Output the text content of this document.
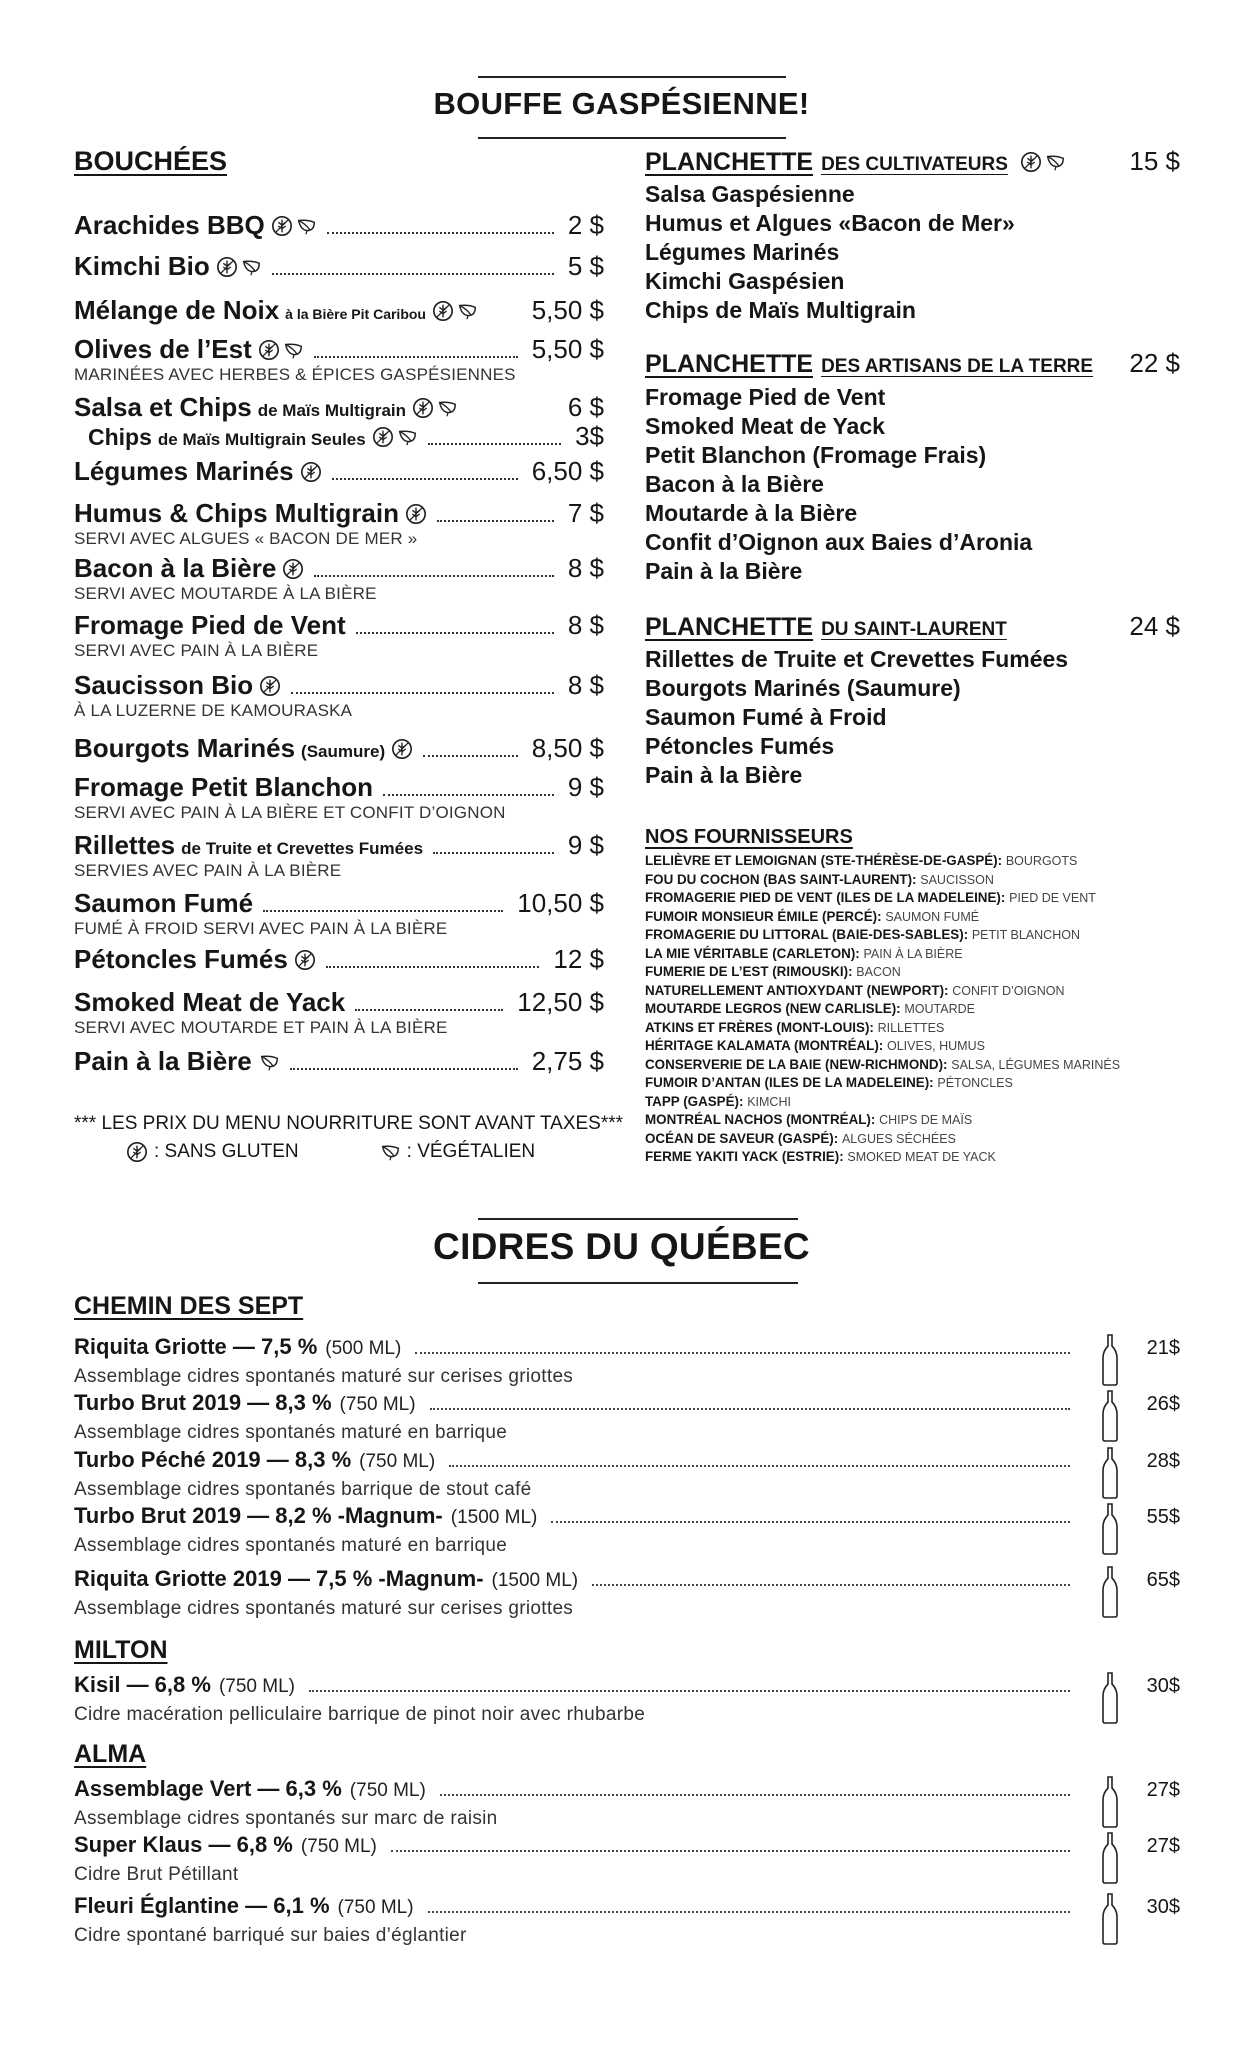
BOUFFE GASPÉSIENNE!
BOUCHÉES
Arachides BBQ	2 $
Kimchi Bio	5 $
Mélange de Noix à la Bière Pit Caribou	5,50 $
Olives de l’Est	5,50 $
MARINÉES AVEC HERBES & ÉPICES GASPÉSIENNES
Salsa et Chips de Maïs Multigrain	6 $
Chips de Maïs Multigrain Seules	3$
Légumes Marinés	6,50 $
Humus & Chips Multigrain	7 $
SERVI AVEC ALGUES « BACON DE MER »
Bacon à la Bière	8 $
SERVI AVEC MOUTARDE À LA BIÈRE
Fromage Pied de Vent	8 $
SERVI AVEC PAIN À LA BIÈRE
Saucisson Bio	8 $
À LA LUZERNE DE KAMOURASKA
Bourgots Marinés (Saumure)	8,50 $
Fromage Petit Blanchon	9 $
SERVI AVEC PAIN À LA BIÈRE ET CONFIT D’OIGNON
Rillettes de Truite et Crevettes Fumées	9 $
SERVIES AVEC PAIN À LA BIÈRE
Saumon Fumé	10,50 $
FUMÉ À FROID SERVI AVEC PAIN À LA BIÈRE
Pétoncles Fumés	12 $
Smoked Meat de Yack	12,50 $
SERVI AVEC MOUTARDE ET PAIN À LA BIÈRE
Pain à la Bière	2,75 $
*** LES PRIX DU MENU NOURRITURE SONT AVANT TAXES***
: SANS GLUTEN	: VÉGÉTALIEN
PLANCHETTE DES CULTIVATEURS	15 $
Salsa Gaspésienne
Humus et Algues «Bacon de Mer»
Légumes Marinés
Kimchi Gaspésien
Chips de Maïs Multigrain
PLANCHETTE DES ARTISANS DE LA TERRE 22 $
Fromage Pied de Vent
Smoked Meat de Yack
Petit Blanchon (Fromage Frais)
Bacon à la Bière
Moutarde à la Bière
Confit d’Oignon aux Baies d’Aronia
Pain à la Bière
PLANCHETTE DU SAINT-LAURENT	24 $
Rillettes de Truite et Crevettes Fumées
Bourgots Marinés (Saumure)
Saumon Fumé à Froid
Pétoncles Fumés
Pain à la Bière
NOS FOURNISSEURS
LELIÈVRE ET LEMOIGNAN (STE-THÉRÈSE-DE-GASPÉ): BOURGOTS
FOU DU COCHON (BAS SAINT-LAURENT): SAUCISSON
FROMAGERIE PIED DE VENT (ILES DE LA MADELEINE): PIED DE VENT
FUMOIR MONSIEUR ÉMILE (PERCÉ): SAUMON FUMÉ
FROMAGERIE DU LITTORAL (BAIE-DES-SABLES): PETIT BLANCHON
LA MIE VÉRITABLE (CARLETON): PAIN À LA BIÈRE
FUMERIE DE L’EST (RIMOUSKI): BACON
NATURELLEMENT ANTIOXYDANT (NEWPORT): CONFIT D’OIGNON
MOUTARDE LEGROS (NEW CARLISLE): MOUTARDE
ATKINS ET FRÈRES (MONT-LOUIS): RILLETTES
HÉRITAGE KALAMATA (MONTRÉAL): OLIVES, HUMUS
CONSERVERIE DE LA BAIE (NEW-RICHMOND): SALSA, LÉGUMES MARINÉS
FUMOIR D’ANTAN (ILES DE LA MADELEINE): PÉTONCLES
TAPP (GASPÉ): KIMCHI
MONTRÉAL NACHOS (MONTRÉAL): CHIPS DE MAÏS
OCÉAN DE SAVEUR (GASPÉ): ALGUES SÉCHÉES
FERME YAKITI YACK (ESTRIE): SMOKED MEAT DE YACK
CIDRES DU QUÉBEC
CHEMIN DES SEPT
Riquita Griotte — 7,5 % (500 ML)	21$
Assemblage cidres spontanés maturé sur cerises griottes
Turbo Brut 2019 — 8,3 % (750 ML)	26$
Assemblage cidres spontanés maturé en barrique
Turbo Péché 2019 — 8,3 % (750 ML)	28$
Assemblage cidres spontanés barrique de stout café
Turbo Brut 2019 — 8,2 % -Magnum- (1500 ML)	55$
Assemblage cidres spontanés maturé en barrique
Riquita Griotte 2019 — 7,5 % -Magnum- (1500 ML)	65$
Assemblage cidres spontanés maturé sur cerises griottes
MILTON
Kisil — 6,8 % (750 ML)	30$
Cidre macération pelliculaire barrique de pinot noir avec rhubarbe
ALMA
Assemblage Vert — 6,3 % (750 ML)	27$
Assemblage cidres spontanés sur marc de raisin
Super Klaus — 6,8 % (750 ML)	27$
Cidre Brut Pétillant
Fleuri Églantine — 6,1 % (750 ML)	30$
Cidre spontané barriqué sur baies d’églantier
